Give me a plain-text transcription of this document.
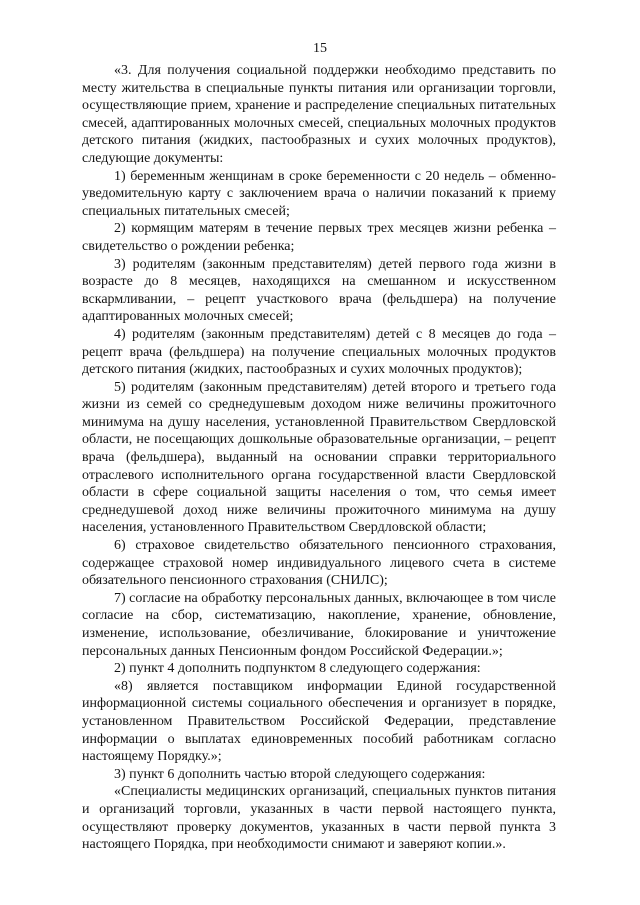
15

«3. Для получения социальной поддержки необходимо представить по месту жительства в специальные пункты питания или организации торговли, осуществляющие прием, хранение и распределение специальных питательных смесей, адаптированных молочных смесей, специальных молочных продуктов детского питания (жидких, пастообразных и сухих молочных продуктов), следующие документы:

1) беременным женщинам в сроке беременности с 20 недель – обменно-уведомительную карту с заключением врача о наличии показаний к приему специальных питательных смесей;

2) кормящим матерям в течение первых трех месяцев жизни ребенка – свидетельство о рождении ребенка;

3) родителям (законным представителям) детей первого года жизни в возрасте до 8 месяцев, находящихся на смешанном и искусственном вскармливании, – рецепт участкового врача (фельдшера) на получение адаптированных молочных смесей;

4) родителям (законным представителям) детей с 8 месяцев до года – рецепт врача (фельдшера) на получение специальных молочных продуктов детского питания (жидких, пастообразных и сухих молочных продуктов);

5) родителям (законным представителям) детей второго и третьего года жизни из семей со среднедушевым доходом ниже величины прожиточного минимума на душу населения, установленной Правительством Свердловской области, не посещающих дошкольные образовательные организации, – рецепт врача (фельдшера), выданный на основании справки территориального отраслевого исполнительного органа государственной власти Свердловской области в сфере социальной защиты населения о том, что семья имеет среднедушевой доход ниже величины прожиточного минимума на душу населения, установленного Правительством Свердловской области;

6) страховое свидетельство обязательного пенсионного страхования, содержащее страховой номер индивидуального лицевого счета в системе обязательного пенсионного страхования (СНИЛС);

7) согласие на обработку персональных данных, включающее в том числе согласие на сбор, систематизацию, накопление, хранение, обновление, изменение, использование, обезличивание, блокирование и уничтожение персональных данных Пенсионным фондом Российской Федерации.»;

2) пункт 4 дополнить подпунктом 8 следующего содержания:

«8) является поставщиком информации Единой государственной информационной системы социального обеспечения и организует в порядке, установленном Правительством Российской Федерации, представление информации о выплатах единовременных пособий работникам согласно настоящему Порядку.»;

3) пункт 6 дополнить частью второй следующего содержания:

«Специалисты медицинских организаций, специальных пунктов питания и организаций торговли, указанных в части первой настоящего пункта, осуществляют проверку документов, указанных в части первой пункта 3 настоящего Порядка, при необходимости снимают и заверяют копии.».
